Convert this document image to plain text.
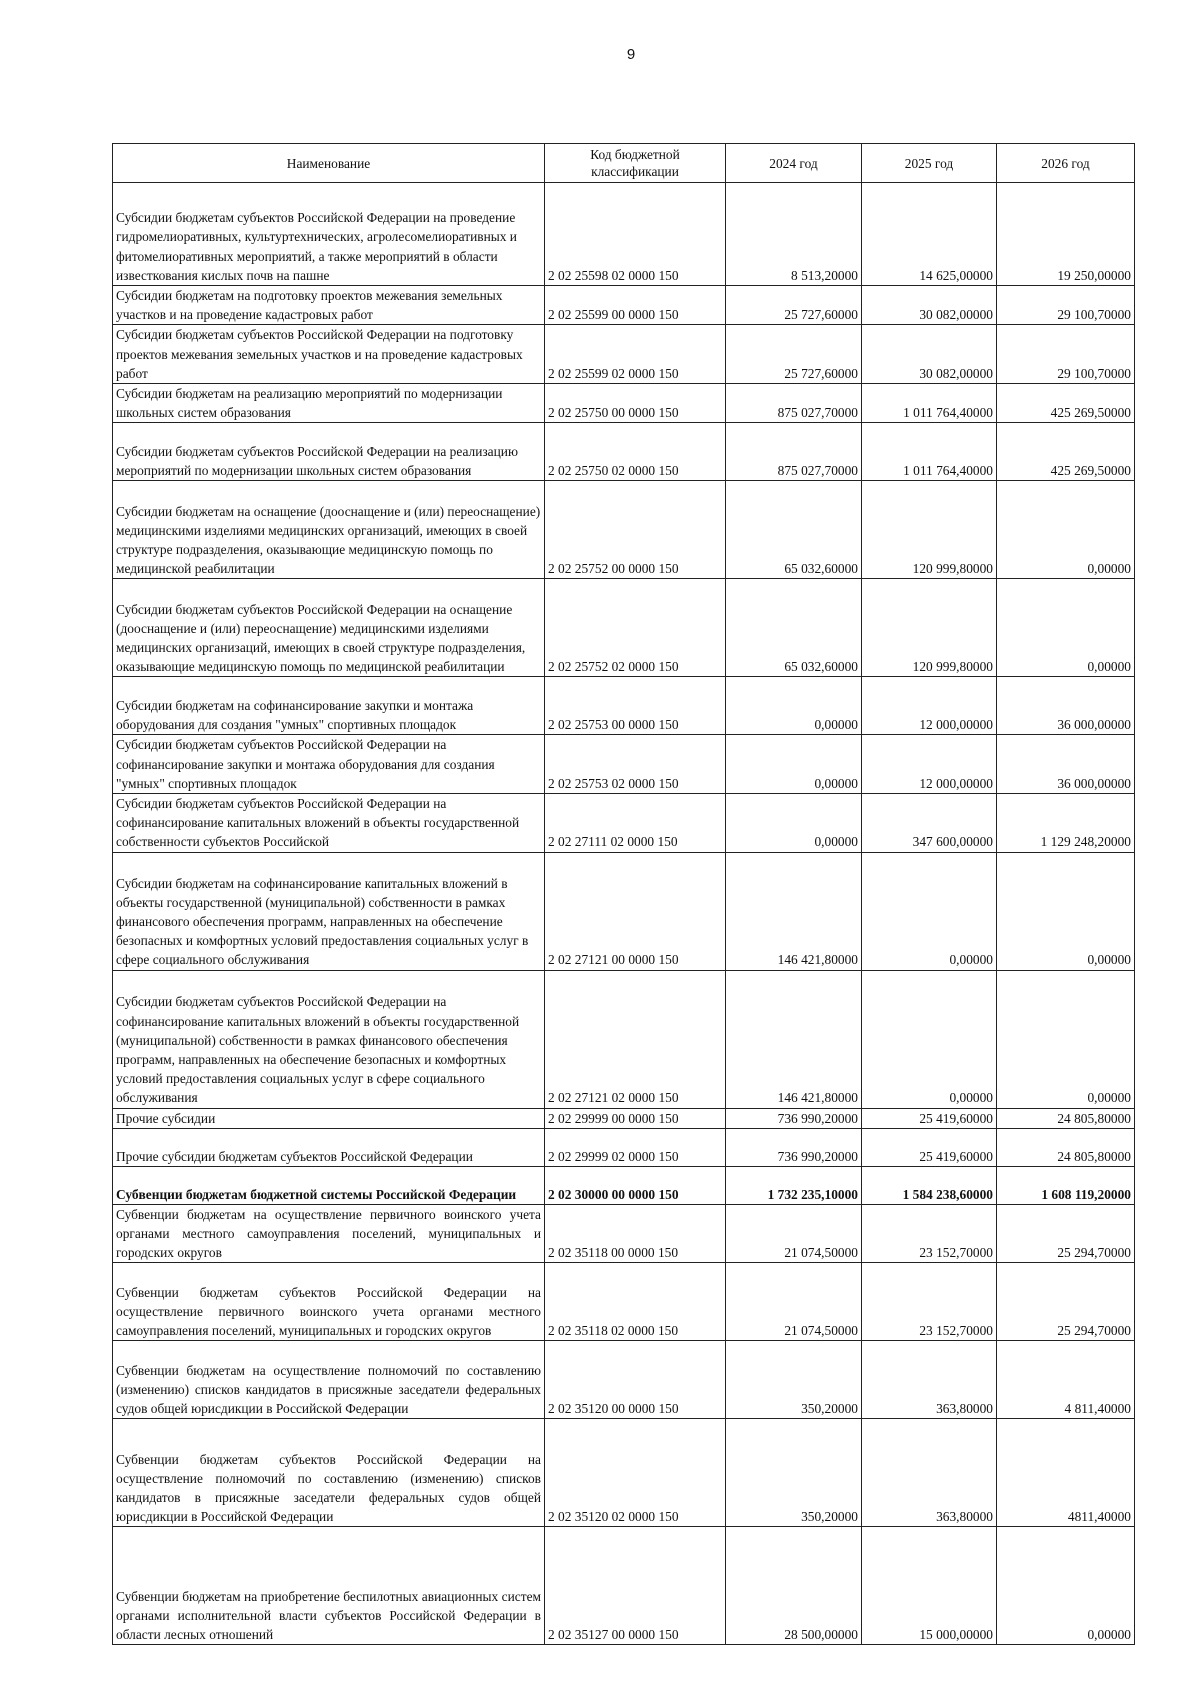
9
Наименование	Код бюджетной классификации	2024 год	2025 год	2026 год
Субсидии бюджетам субъектов Российской Федерации на проведение гидромелиоративных, культуртехнических, агролесомелиоративных и фитомелиоративных мероприятий, а также мероприятий в области известкования кислых почв на пашне	2 02 25598 02 0000 150	8 513,20000	14 625,00000	19 250,00000
Субсидии бюджетам на подготовку проектов межевания земельных участков и на проведение кадастровых работ	2 02 25599 00 0000 150	25 727,60000	30 082,00000	29 100,70000
Субсидии бюджетам субъектов Российской Федерации на подготовку проектов межевания земельных участков и на проведение кадастровых работ	2 02 25599 02 0000 150	25 727,60000	30 082,00000	29 100,70000
Субсидии бюджетам на реализацию мероприятий по модернизации школьных систем образования	2 02 25750 00 0000 150	875 027,70000	1 011 764,40000	425 269,50000
Субсидии бюджетам субъектов Российской Федерации на реализацию мероприятий по модернизации школьных систем образования	2 02 25750 02 0000 150	875 027,70000	1 011 764,40000	425 269,50000
Субсидии бюджетам на оснащение (дооснащение и (или) переоснащение) медицинскими изделиями медицинских организаций, имеющих в своей структуре подразделения, оказывающие медицинскую помощь по медицинской реабилитации	2 02 25752 00 0000 150	65 032,60000	120 999,80000	0,00000
Субсидии бюджетам субъектов Российской Федерации на оснащение (дооснащение и (или) переоснащение) медицинскими изделиями медицинских организаций, имеющих в своей структуре подразделения, оказывающие медицинскую помощь по медицинской реабилитации	2 02 25752 02 0000 150	65 032,60000	120 999,80000	0,00000
Субсидии бюджетам на софинансирование закупки и монтажа оборудования для создания "умных" спортивных площадок	2 02 25753 00 0000 150	0,00000	12 000,00000	36 000,00000
Субсидии бюджетам субъектов Российской Федерации на софинансирование закупки и монтажа оборудования для создания "умных" спортивных площадок	2 02 25753 02 0000 150	0,00000	12 000,00000	36 000,00000
Субсидии бюджетам субъектов Российской Федерации на софинансирование капитальных вложений в объекты государственной собственности субъектов Российской	2 02 27111 02 0000 150	0,00000	347 600,00000	1 129 248,20000
Субсидии бюджетам на софинансирование капитальных вложений в объекты государственной (муниципальной) собственности в рамках финансового обеспечения программ, направленных на обеспечение безопасных и комфортных условий предоставления социальных услуг в сфере социального обслуживания	2 02 27121 00 0000 150	146 421,80000	0,00000	0,00000
Субсидии бюджетам субъектов Российской Федерации на софинансирование капитальных вложений в объекты государственной (муниципальной) собственности в рамках финансового обеспечения программ, направленных на обеспечение безопасных и комфортных условий предоставления социальных услуг в сфере социального обслуживания	2 02 27121 02 0000 150	146 421,80000	0,00000	0,00000
Прочие субсидии	2 02 29999 00 0000 150	736 990,20000	25 419,60000	24 805,80000
Прочие субсидии бюджетам субъектов Российской Федерации	2 02 29999 02 0000 150	736 990,20000	25 419,60000	24 805,80000
Субвенции бюджетам бюджетной системы Российской Федерации	2 02 30000 00 0000 150	1 732 235,10000	1 584 238,60000	1 608 119,20000
Субвенции бюджетам на осуществление первичного воинского учета органами местного самоуправления поселений, муниципальных и городских округов	2 02 35118 00 0000 150	21 074,50000	23 152,70000	25 294,70000
Субвенции бюджетам субъектов Российской Федерации на осуществление первичного воинского учета органами местного самоуправления поселений, муниципальных и городских округов	2 02 35118 02 0000 150	21 074,50000	23 152,70000	25 294,70000
Субвенции бюджетам на осуществление полномочий по составлению (изменению) списков кандидатов в присяжные заседатели федеральных судов общей юрисдикции в Российской Федерации	2 02 35120 00 0000 150	350,20000	363,80000	4 811,40000
Субвенции бюджетам субъектов Российской Федерации на осуществление полномочий по составлению (изменению) списков кандидатов в присяжные заседатели федеральных судов общей юрисдикции в Российской Федерации	2 02 35120 02 0000 150	350,20000	363,80000	4811,40000
Субвенции бюджетам на приобретение беспилотных авиационных систем органами исполнительной власти субъектов Российской Федерации в области лесных отношений	2 02 35127 00 0000 150	28 500,00000	15 000,00000	0,00000
